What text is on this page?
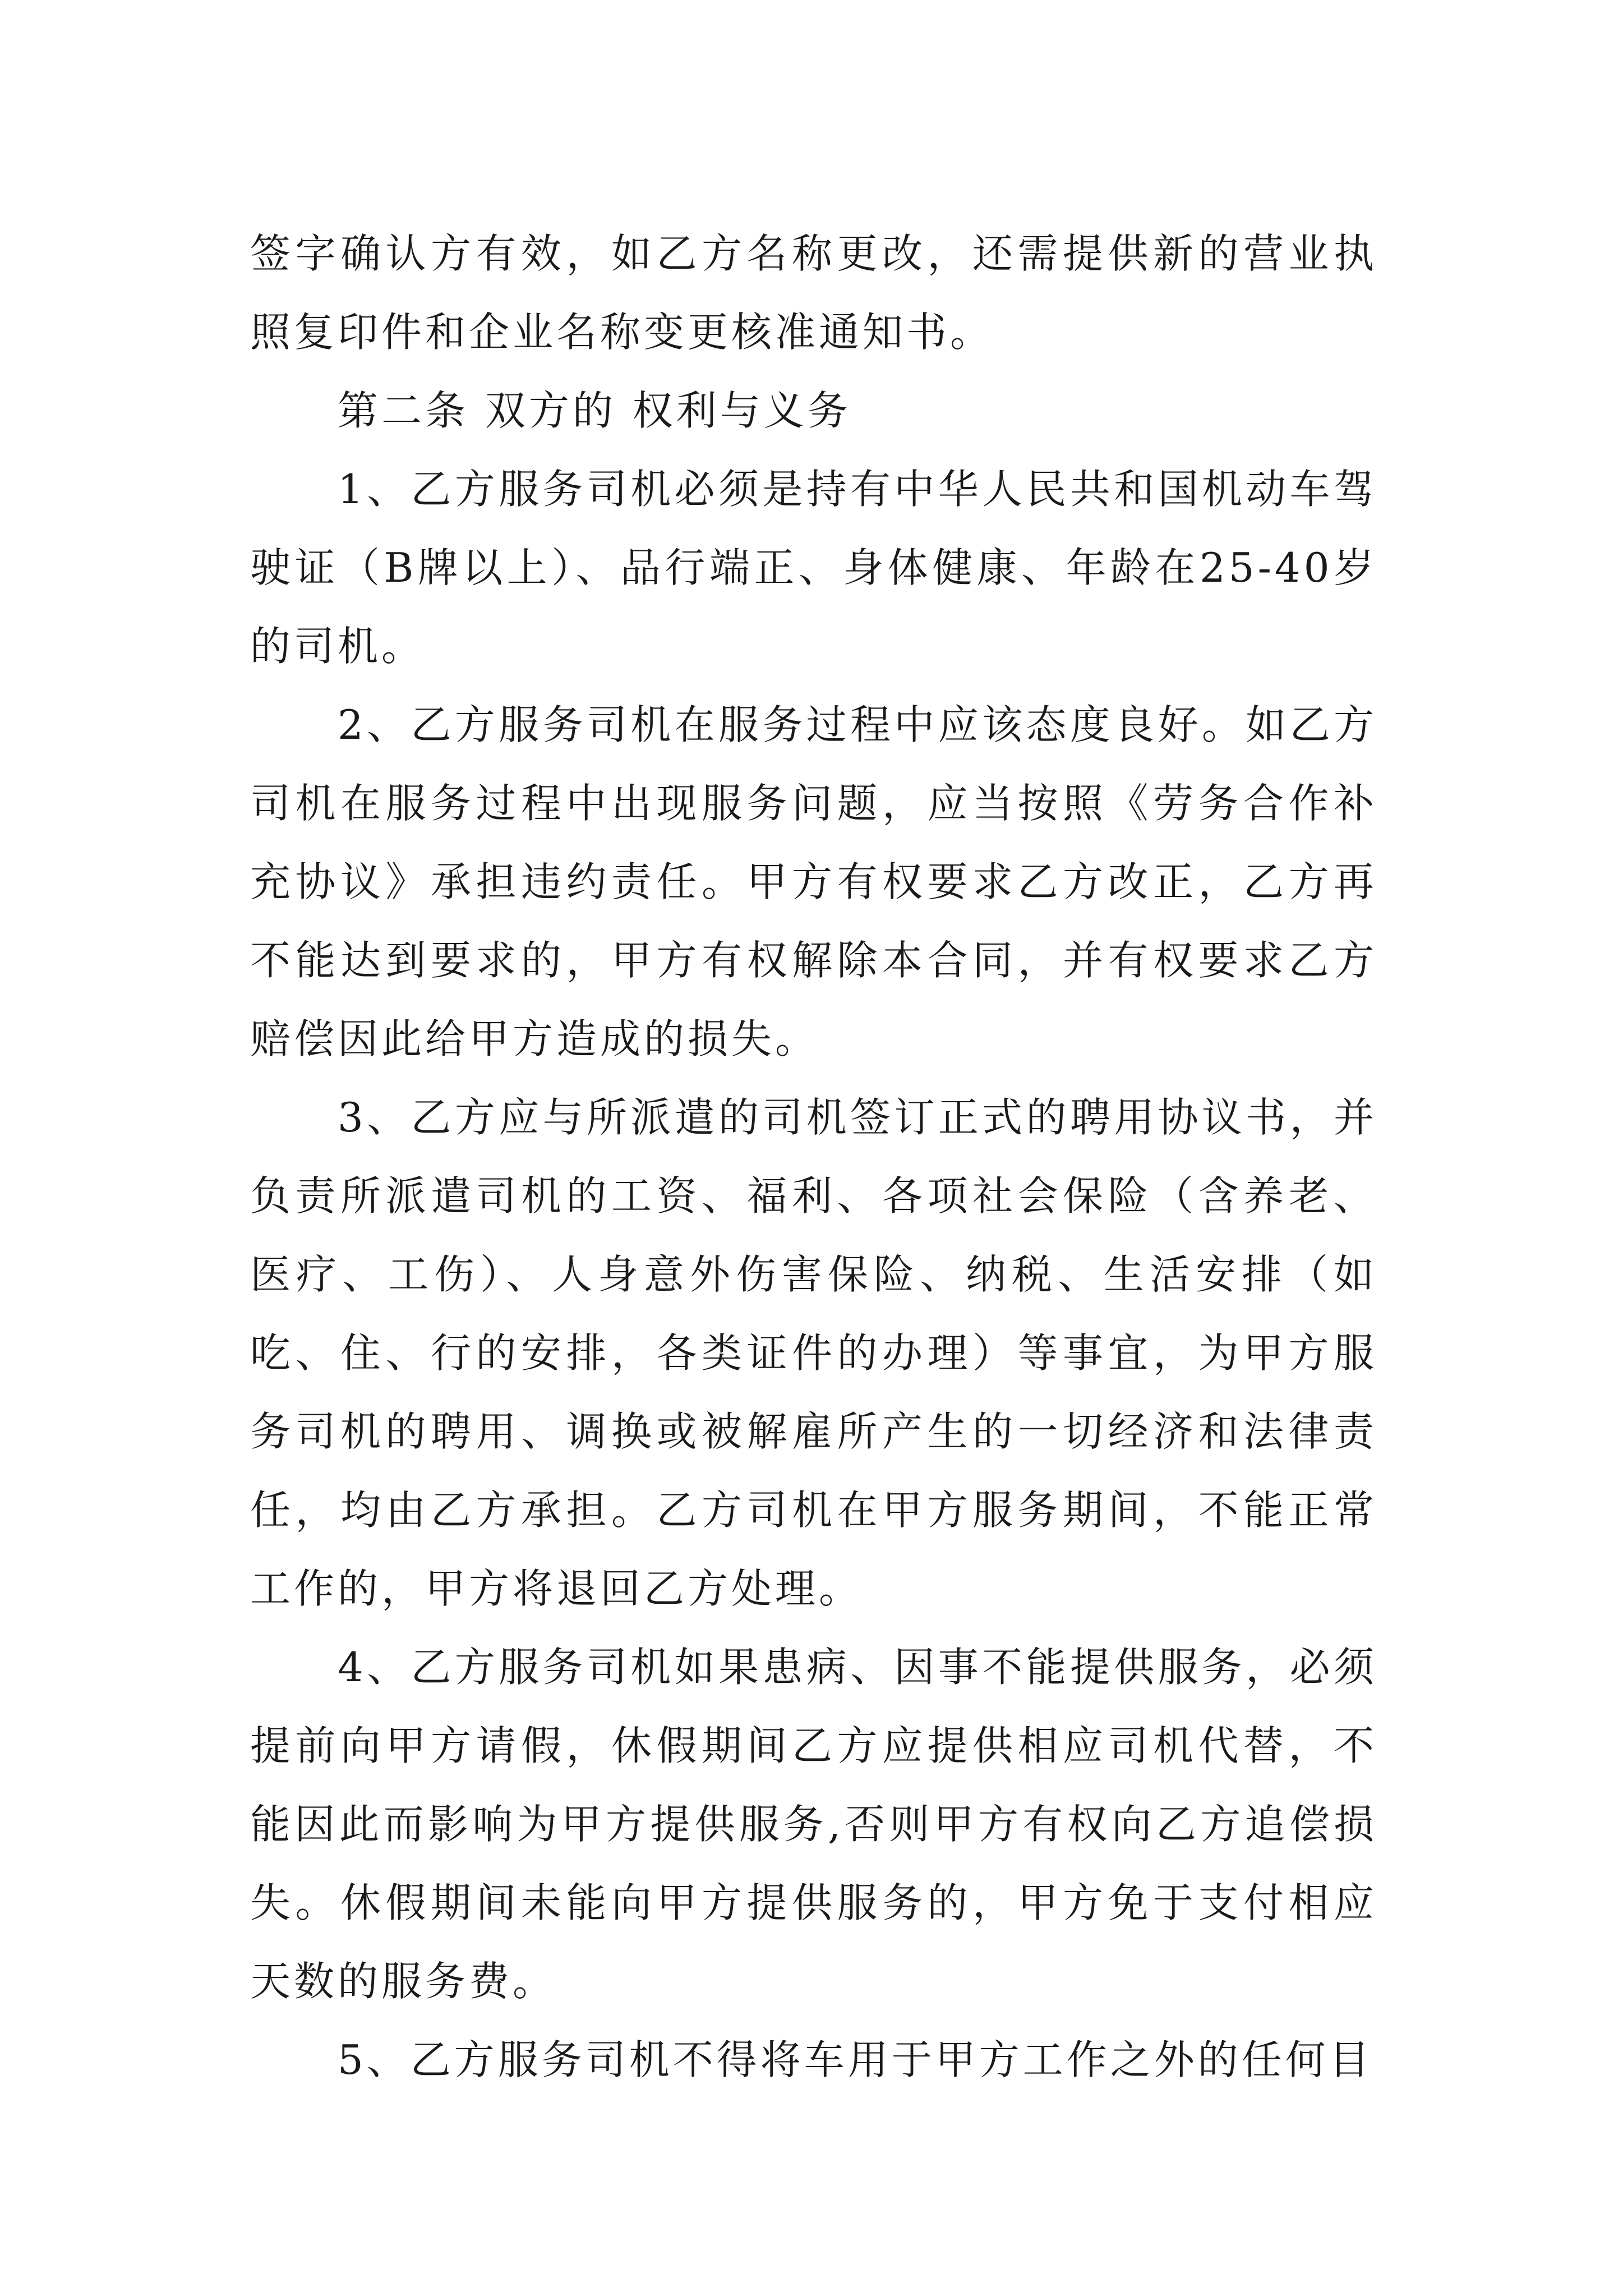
签字确认方有效，如乙方名称更改，还需提供新的营业执照复印件和企业名称变更核准通知书。

第二条 双方的 权利与义务

1、乙方服务司机必须是持有中华人民共和国机动车驾驶证（B牌以上）、品行端正、身体健康、年龄在25-40岁的司机。

2、乙方服务司机在服务过程中应该态度良好。如乙方司机在服务过程中出现服务问题，应当按照《劳务合作补充协议》承担违约责任。甲方有权要求乙方改正，乙方再不能达到要求的，甲方有权解除本合同，并有权要求乙方赔偿因此给甲方造成的损失。

3、乙方应与所派遣的司机签订正式的聘用协议书，并负责所派遣司机的工资、福利、各项社会保险（含养老、医疗、工伤）、人身意外伤害保险、纳税、生活安排（如吃、住、行的安排，各类证件的办理）等事宜，为甲方服务司机的聘用、调换或被解雇所产生的一切经济和法律责任，均由乙方承担。乙方司机在甲方服务期间，不能正常工作的，甲方将退回乙方处理。

4、乙方服务司机如果患病、因事不能提供服务，必须提前向甲方请假，休假期间乙方应提供相应司机代替，不能因此而影响为甲方提供服务,否则甲方有权向乙方追偿损失。休假期间未能向甲方提供服务的，甲方免于支付相应天数的服务费。

5、乙方服务司机不得将车用于甲方工作之外的任何目
